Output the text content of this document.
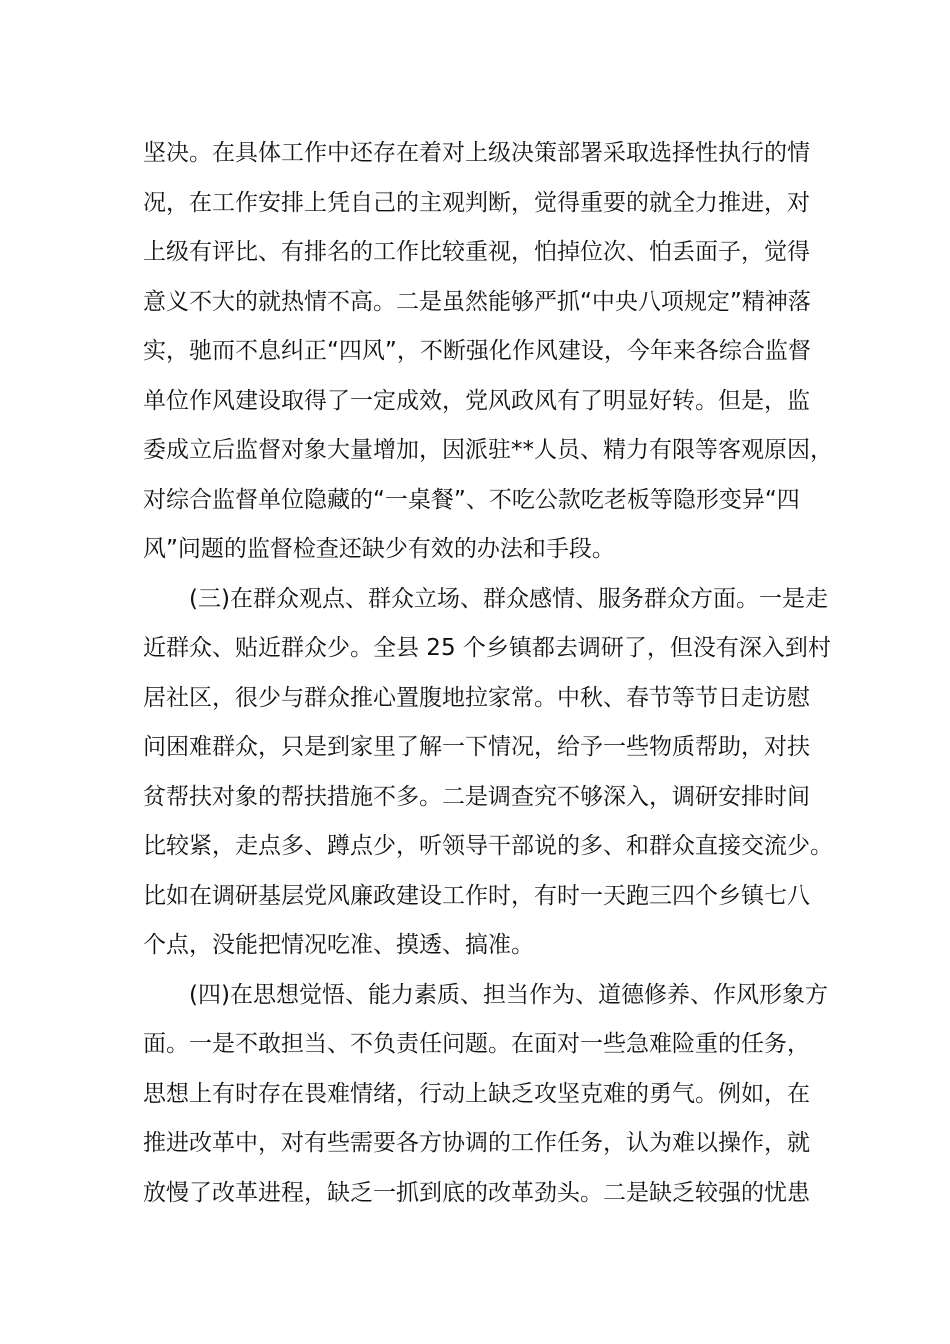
坚决。在具体工作中还存在着对上级决策部署采取选择性执行的情
况，在工作安排上凭自己的主观判断，觉得重要的就全力推进，对
上级有评比、有排名的工作比较重视，怕掉位次、怕丢面子，觉得
意义不大的就热情不高。二是虽然能够严抓“中央八项规定”精神落
实，驰而不息纠正“四风”，不断强化作风建设，今年来各综合监督
单位作风建设取得了一定成效，党风政风有了明显好转。但是，监
委成立后监督对象大量增加，因派驻**人员、精力有限等客观原因，
对综合监督单位隐藏的“一桌餐”、不吃公款吃老板等隐形变异“四
风”问题的监督检查还缺少有效的办法和手段。
(三)在群众观点、群众立场、群众感情、服务群众方面。一是走
近群众、贴近群众少。全县 25 个乡镇都去调研了，但没有深入到村
居社区，很少与群众推心置腹地拉家常。中秋、春节等节日走访慰
问困难群众，只是到家里了解一下情况，给予一些物质帮助，对扶
贫帮扶对象的帮扶措施不多。二是调查究不够深入，调研安排时间
比较紧，走点多、蹲点少，听领导干部说的多、和群众直接交流少。
比如在调研基层党风廉政建设工作时，有时一天跑三四个乡镇七八
个点，没能把情况吃准、摸透、搞准。
(四)在思想觉悟、能力素质、担当作为、道德修养、作风形象方
面。一是不敢担当、不负责任问题。在面对一些急难险重的任务，
思想上有时存在畏难情绪，行动上缺乏攻坚克难的勇气。例如，在
推进改革中，对有些需要各方协调的工作任务，认为难以操作，就
放慢了改革进程，缺乏一抓到底的改革劲头。二是缺乏较强的忧患
